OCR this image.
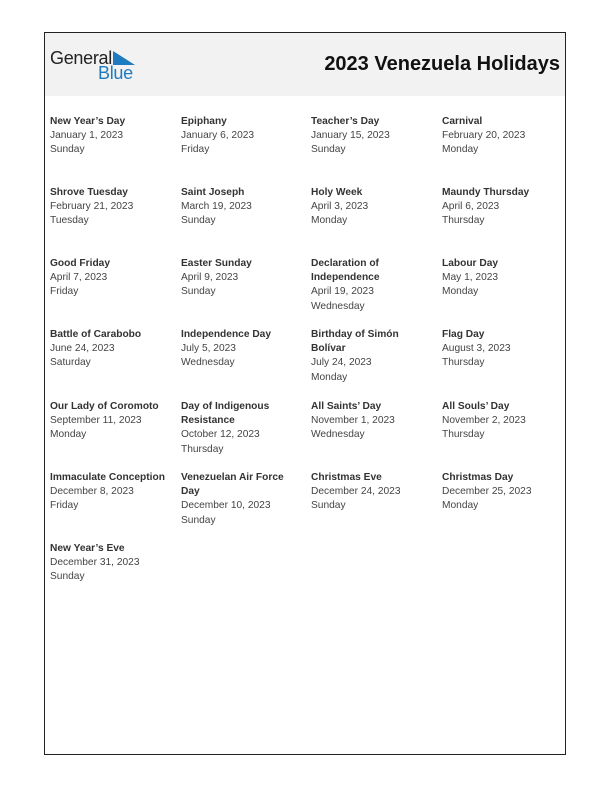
General
Blue	2023 Venezuela Holidays
New Year’s Day
January 1, 2023
Sunday
Epiphany
January 6, 2023
Friday
Teacher’s Day
January 15, 2023
Sunday
Carnival
February 20, 2023
Monday
Shrove Tuesday
February 21, 2023
Tuesday
Saint Joseph
March 19, 2023
Sunday
Holy Week
April 3, 2023
Monday
Maundy Thursday
April 6, 2023
Thursday
Good Friday
April 7, 2023
Friday
Easter Sunday
April 9, 2023
Sunday
Declaration of Independence
April 19, 2023
Wednesday
Labour Day
May 1, 2023
Monday
Battle of Carabobo
June 24, 2023
Saturday
Independence Day
July 5, 2023
Wednesday
Birthday of Simón Bolívar
July 24, 2023
Monday
Flag Day
August 3, 2023
Thursday
Our Lady of Coromoto
September 11, 2023
Monday
Day of Indigenous Resistance
October 12, 2023
Thursday
All Saints’ Day
November 1, 2023
Wednesday
All Souls’ Day
November 2, 2023
Thursday
Immaculate Conception
December 8, 2023
Friday
Venezuelan Air Force Day
December 10, 2023
Sunday
Christmas Eve
December 24, 2023
Sunday
Christmas Day
December 25, 2023
Monday
New Year’s Eve
December 31, 2023
Sunday
